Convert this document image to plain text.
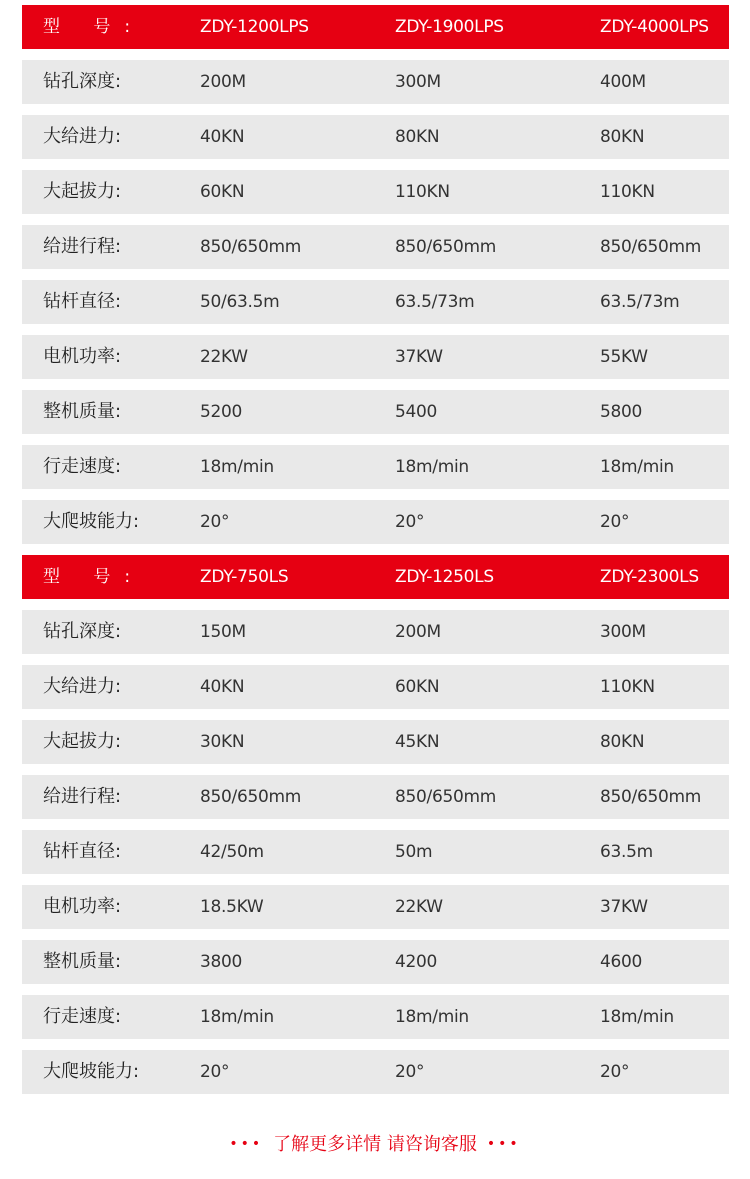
型 号:	ZDY-1200LPS	ZDY-1900LPS	ZDY-4000LPS
钻孔深度:	200M	300M	400M
大给进力:	40KN	80KN	80KN
大起拔力:	60KN	110KN	110KN
给进行程:	850/650mm	850/650mm	850/650mm
钻杆直径:	50/63.5m	63.5/73m	63.5/73m
电机功率:	22KW	37KW	55KW
整机质量:	5200	5400	5800
行走速度:	18m/min	18m/min	18m/min
大爬坡能力:	20°	20°	20°
型 号:	ZDY-750LS	ZDY-1250LS	ZDY-2300LS
钻孔深度:	150M	200M	300M
大给进力:	40KN	60KN	110KN
大起拔力:	30KN	45KN	80KN
给进行程:	850/650mm	850/650mm	850/650mm
钻杆直径:	42/50m	50m	63.5m
电机功率:	18.5KW	22KW	37KW
整机质量:	3800	4200	4600
行走速度:	18m/min	18m/min	18m/min
大爬坡能力:	20°	20°	20°
••• 了解更多详情 请咨询客服 •••
